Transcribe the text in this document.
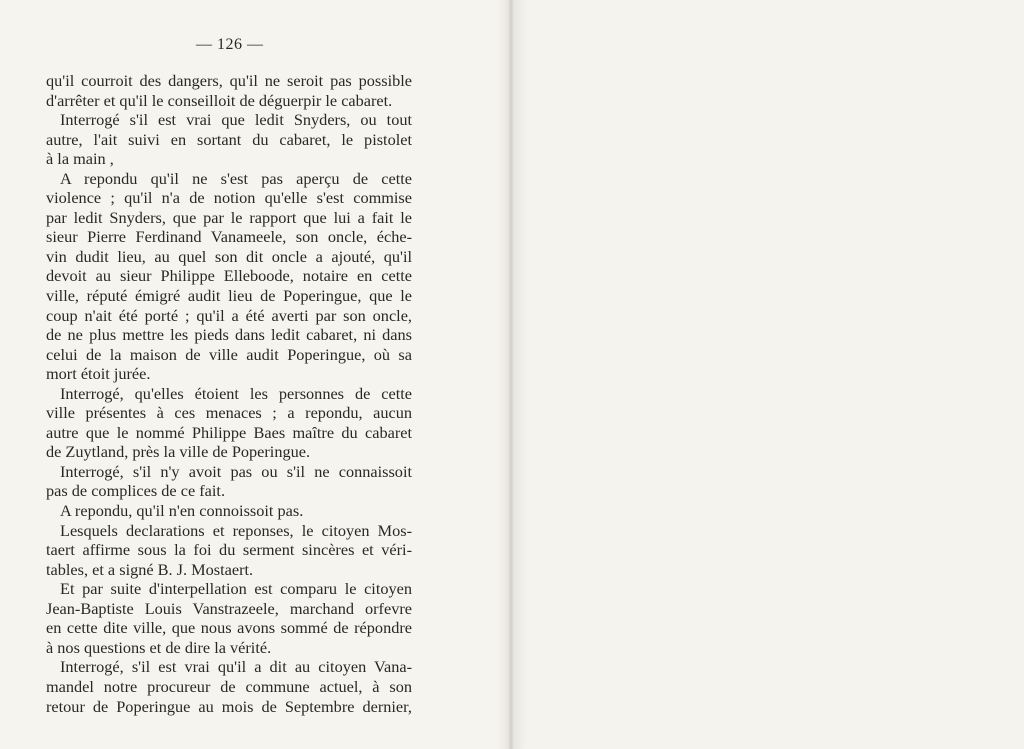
— 126 —
qu'il courroit des dangers, qu'il ne seroit pas possible
d'arrêter et qu'il le conseilloit de déguerpir le cabaret.
Interrogé s'il est vrai que ledit Snyders, ou tout
autre, l'ait suivi en sortant du cabaret, le pistolet
à la main ,
A repondu qu'il ne s'est pas aperçu de cette
violence ; qu'il n'a de notion qu'elle s'est commise
par ledit Snyders, que par le rapport que lui a fait le
sieur Pierre Ferdinand Vanameele, son oncle, éche-
vin dudit lieu, au quel son dit oncle a ajouté, qu'il
devoit au sieur Philippe Elleboode, notaire en cette
ville, réputé émigré audit lieu de Poperingue, que le
coup n'ait été porté ; qu'il a été averti par son oncle,
de ne plus mettre les pieds dans ledit cabaret, ni dans
celui de la maison de ville audit Poperingue, où sa
mort étoit jurée.
Interrogé, qu'elles étoient les personnes de cette
ville présentes à ces menaces ; a repondu, aucun
autre que le nommé Philippe Baes maître du cabaret
de Zuytland, près la ville de Poperingue.
Interrogé, s'il n'y avoit pas ou s'il ne connaissoit
pas de complices de ce fait.
A repondu, qu'il n'en connoissoit pas.
Lesquels declarations et reponses, le citoyen Mos-
taert affirme sous la foi du serment sincères et véri-
tables, et a signé B. J. Mostaert.
Et par suite d'interpellation est comparu le citoyen
Jean-Baptiste Louis Vanstrazeele, marchand orfevre
en cette dite ville, que nous avons sommé de répondre
à nos questions et de dire la vérité.
Interrogé, s'il est vrai qu'il a dit au citoyen Vana-
mandel notre procureur de commune actuel, à son
retour de Poperingue au mois de Septembre dernier,
